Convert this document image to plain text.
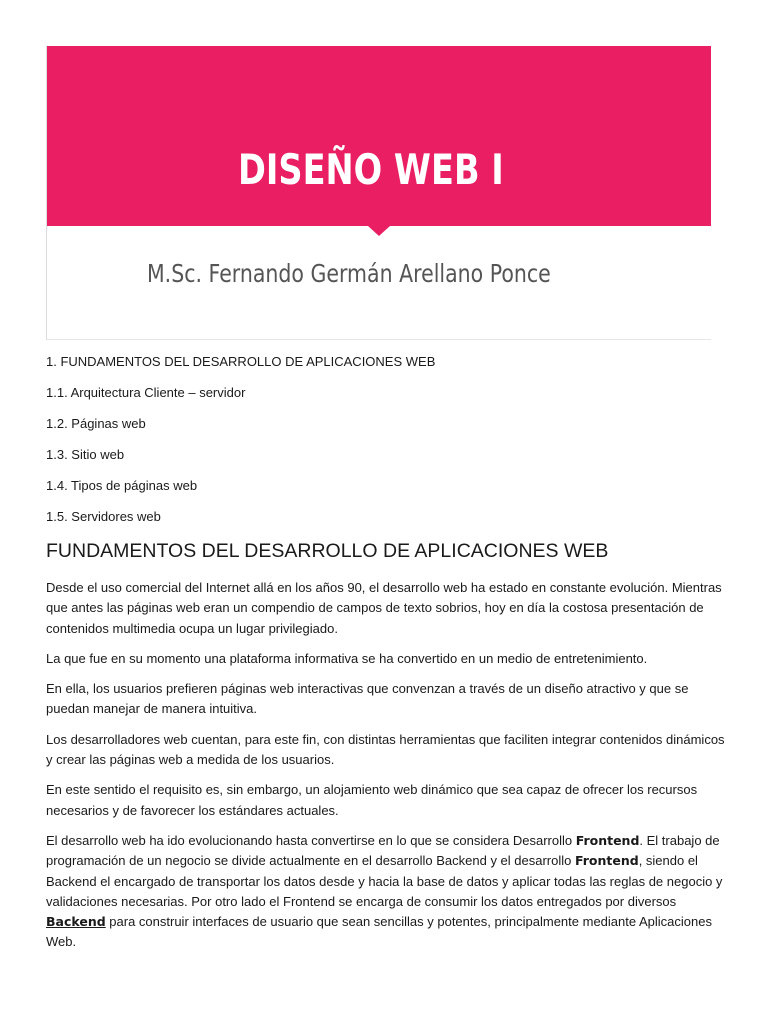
DISEÑO WEB I
M.Sc. Fernando Germán Arellano Ponce
1. FUNDAMENTOS DEL DESARROLLO DE APLICACIONES WEB
1.1. Arquitectura Cliente – servidor
1.2. Páginas web
1.3. Sitio web
1.4. Tipos de páginas web
1.5. Servidores web
FUNDAMENTOS DEL DESARROLLO DE APLICACIONES WEB

Desde el uso comercial del Internet allá en los años 90, el desarrollo web ha estado en constante evolución. Mientras que antes las páginas web eran un compendio de campos de texto sobrios, hoy en día la costosa presentación de contenidos multimedia ocupa un lugar privilegiado.

La que fue en su momento una plataforma informativa se ha convertido en un medio de entretenimiento.

En ella, los usuarios prefieren páginas web interactivas que convenzan a través de un diseño atractivo y que se puedan manejar de manera intuitiva.

Los desarrolladores web cuentan, para este fin, con distintas herramientas que faciliten integrar contenidos dinámicos y crear las páginas web a medida de los usuarios.

En este sentido el requisito es, sin embargo, un alojamiento web dinámico que sea capaz de ofrecer los recursos necesarios y de favorecer los estándares actuales.

El desarrollo web ha ido evolucionando hasta convertirse en lo que se considera Desarrollo Frontend. El trabajo de programación de un negocio se divide actualmente en el desarrollo Backend y el desarrollo Frontend, siendo el Backend el encargado de transportar los datos desde y hacia la base de datos y aplicar todas las reglas de negocio y validaciones necesarias. Por otro lado el Frontend se encarga de consumir los datos entregados por diversos Backend para construir interfaces de usuario que sean sencillas y potentes, principalmente mediante Aplicaciones Web.
